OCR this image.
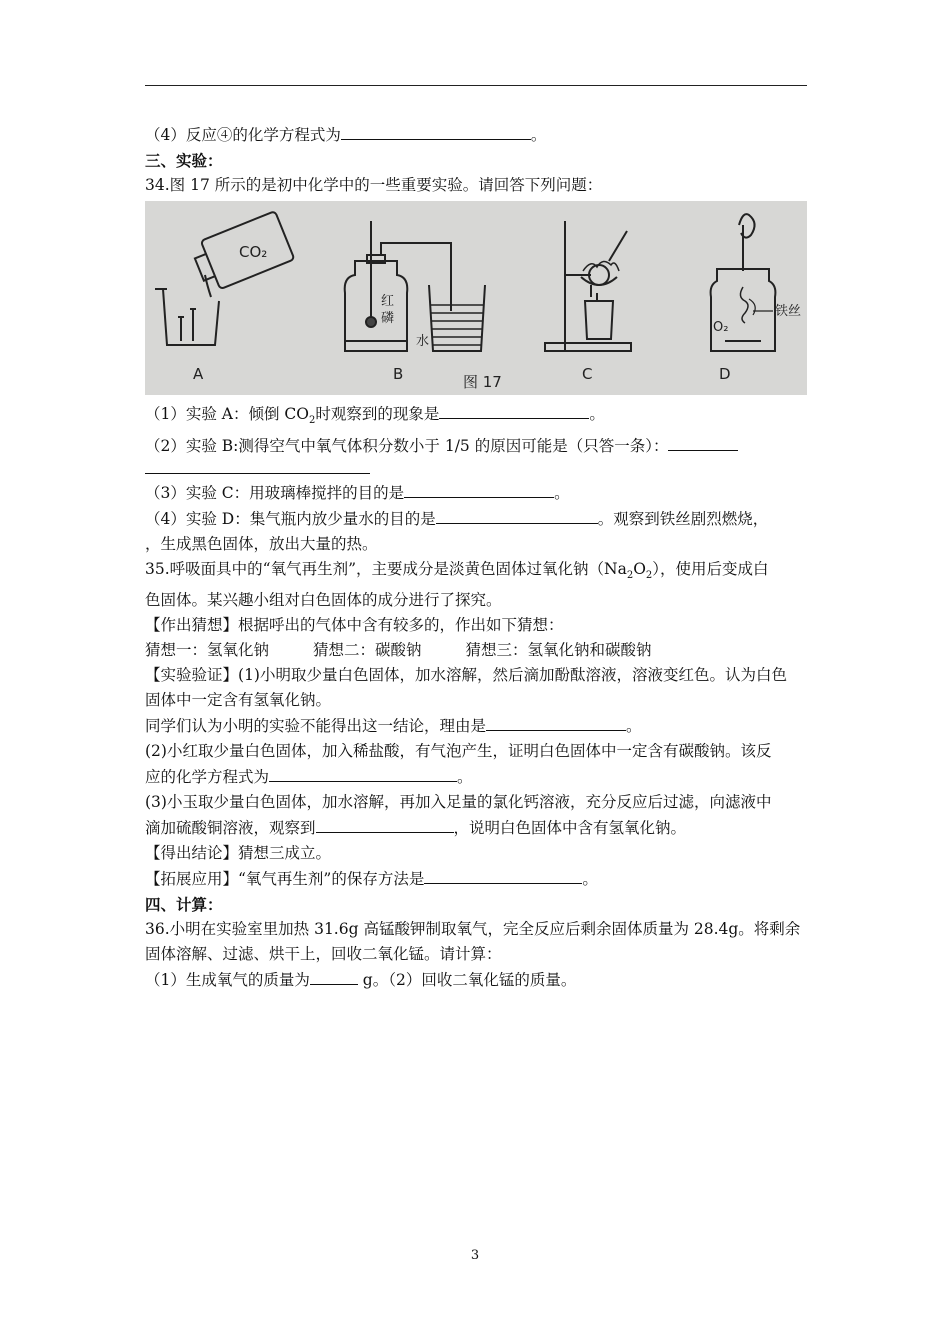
（4）反应④的化学方程式为	。

三、实验：

34.图 17 所示的是初中化学中的一些重要实验。请回答下列问题：

CO₂
红
磷
水
铁丝
O₂
A	B	C	D
图 17

（1）实验 A：倾倒 $CO_2$时观察到的现象是	。

（2）实验 B:测得空气中氧气体积分数小于 1/5 的原因可能是（只答一条）：

（3）实验 C：用玻璃棒搅拌的目的是	。

（4）实验 D：集气瓶内放少量水的目的是	。观察到铁丝剧烈燃烧，

，生成黑色固体，放出大量的热。

35.呼吸面具中的“氧气再生剂”，主要成分是淡黄色固体过氧化钠$(Na_2O_2)$，使用后变成白

色固体。某兴趣小组对白色固体的成分进行了探究。

【作出猜想】根据呼出的气体中含有较多的，作出如下猜想：

猜想一：氢氧化钠	猜想二：碳酸钠	猜想三：氢氧化钠和碳酸钠

【实验验证】(1)小明取少量白色固体，加水溶解，然后滴加酚酞溶液，溶液变红色。认为白色

固体中一定含有氢氧化钠。

同学们认为小明的实验不能得出这一结论，理由是	。

(2)小红取少量白色固体，加入稀盐酸，有气泡产生，证明白色固体中一定含有碳酸钠。该反

应的化学方程式为	。

(3)小玉取少量白色固体，加水溶解，再加入足量的氯化钙溶液，充分反应后过滤，向滤液中

滴加硫酸铜溶液，观察到	，说明白色固体中含有氢氧化钠。

【得出结论】猜想三成立。

【拓展应用】“氧气再生剂”的保存方法是	。

四、计算：

36.小明在实验室里加热 31.6g 高锰酸钾制取氧气，完全反应后剩余固体质量为 28.4g。将剩余

固体溶解、过滤、烘干上，回收二氧化锰。请计算：

（1）生成氧气的质量为	g。（2）回收二氧化锰的质量。

3
